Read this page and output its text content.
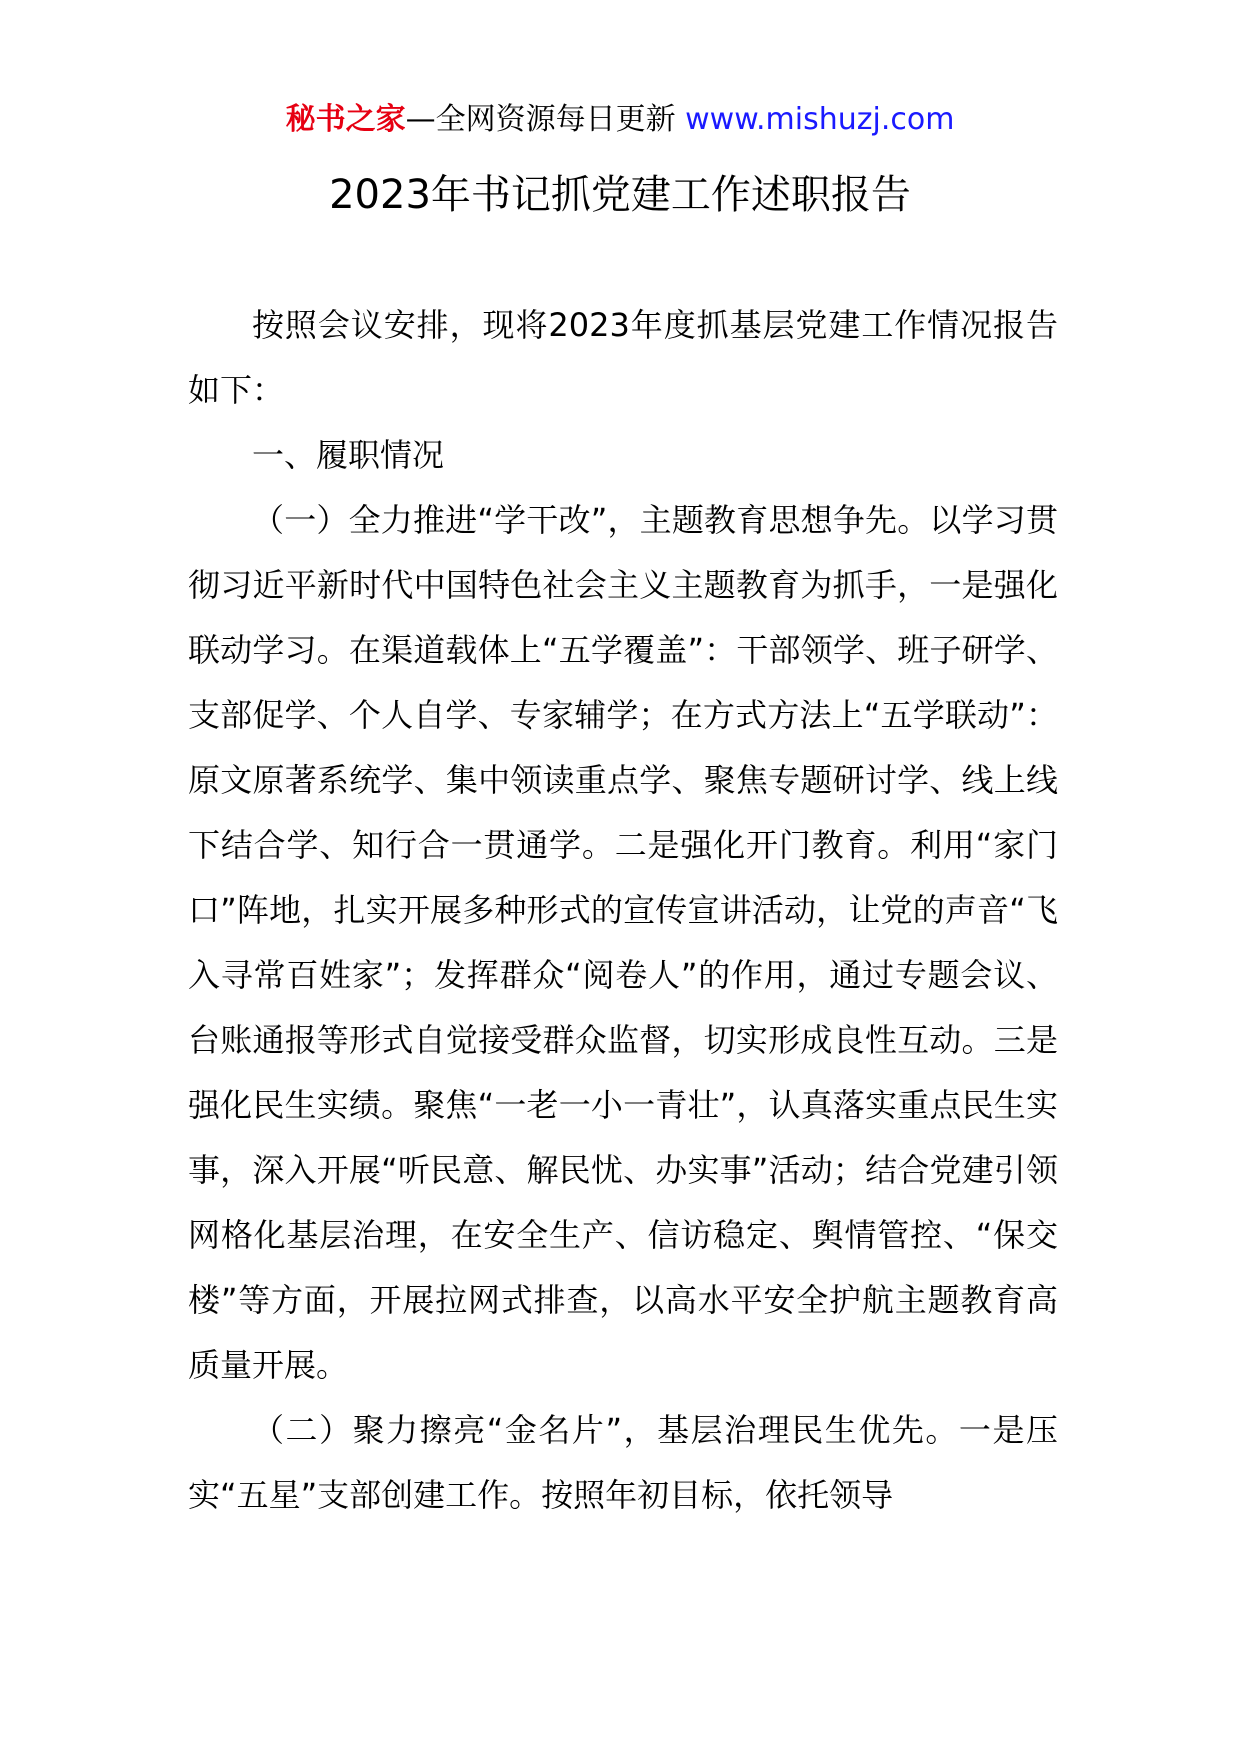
秘书之家—全网资源每日更新 www.mishuzj.com
2023年书记抓党建工作述职报告

按照会议安排，现将2023年度抓基层党建工作情况报告如下：

一、履职情况

（一）全力推进“学干改”，主题教育思想争先。以学习贯彻习近平新时代中国特色社会主义主题教育为抓手，一是强化联动学习。在渠道载体上“五学覆盖”：干部领学、班子研学、支部促学、个人自学、专家辅学；在方式方法上“五学联动”：原文原著系统学、集中领读重点学、聚焦专题研讨学、线上线下结合学、知行合一贯通学。二是强化开门教育。利用“家门口”阵地，扎实开展多种形式的宣传宣讲活动，让党的声音“飞入寻常百姓家”；发挥群众“阅卷人”的作用，通过专题会议、台账通报等形式自觉接受群众监督，切实形成良性互动。三是强化民生实绩。聚焦“一老一小一青壮”，认真落实重点民生实事，深入开展“听民意、解民忧、办实事”活动；结合党建引领网格化基层治理，在安全生产、信访稳定、舆情管控、“保交楼”等方面，开展拉网式排查，以高水平安全护航主题教育高质量开展。

（二）聚力擦亮“金名片”，基层治理民生优先。一是压实“五星”支部创建工作。按照年初目标，依托领导
